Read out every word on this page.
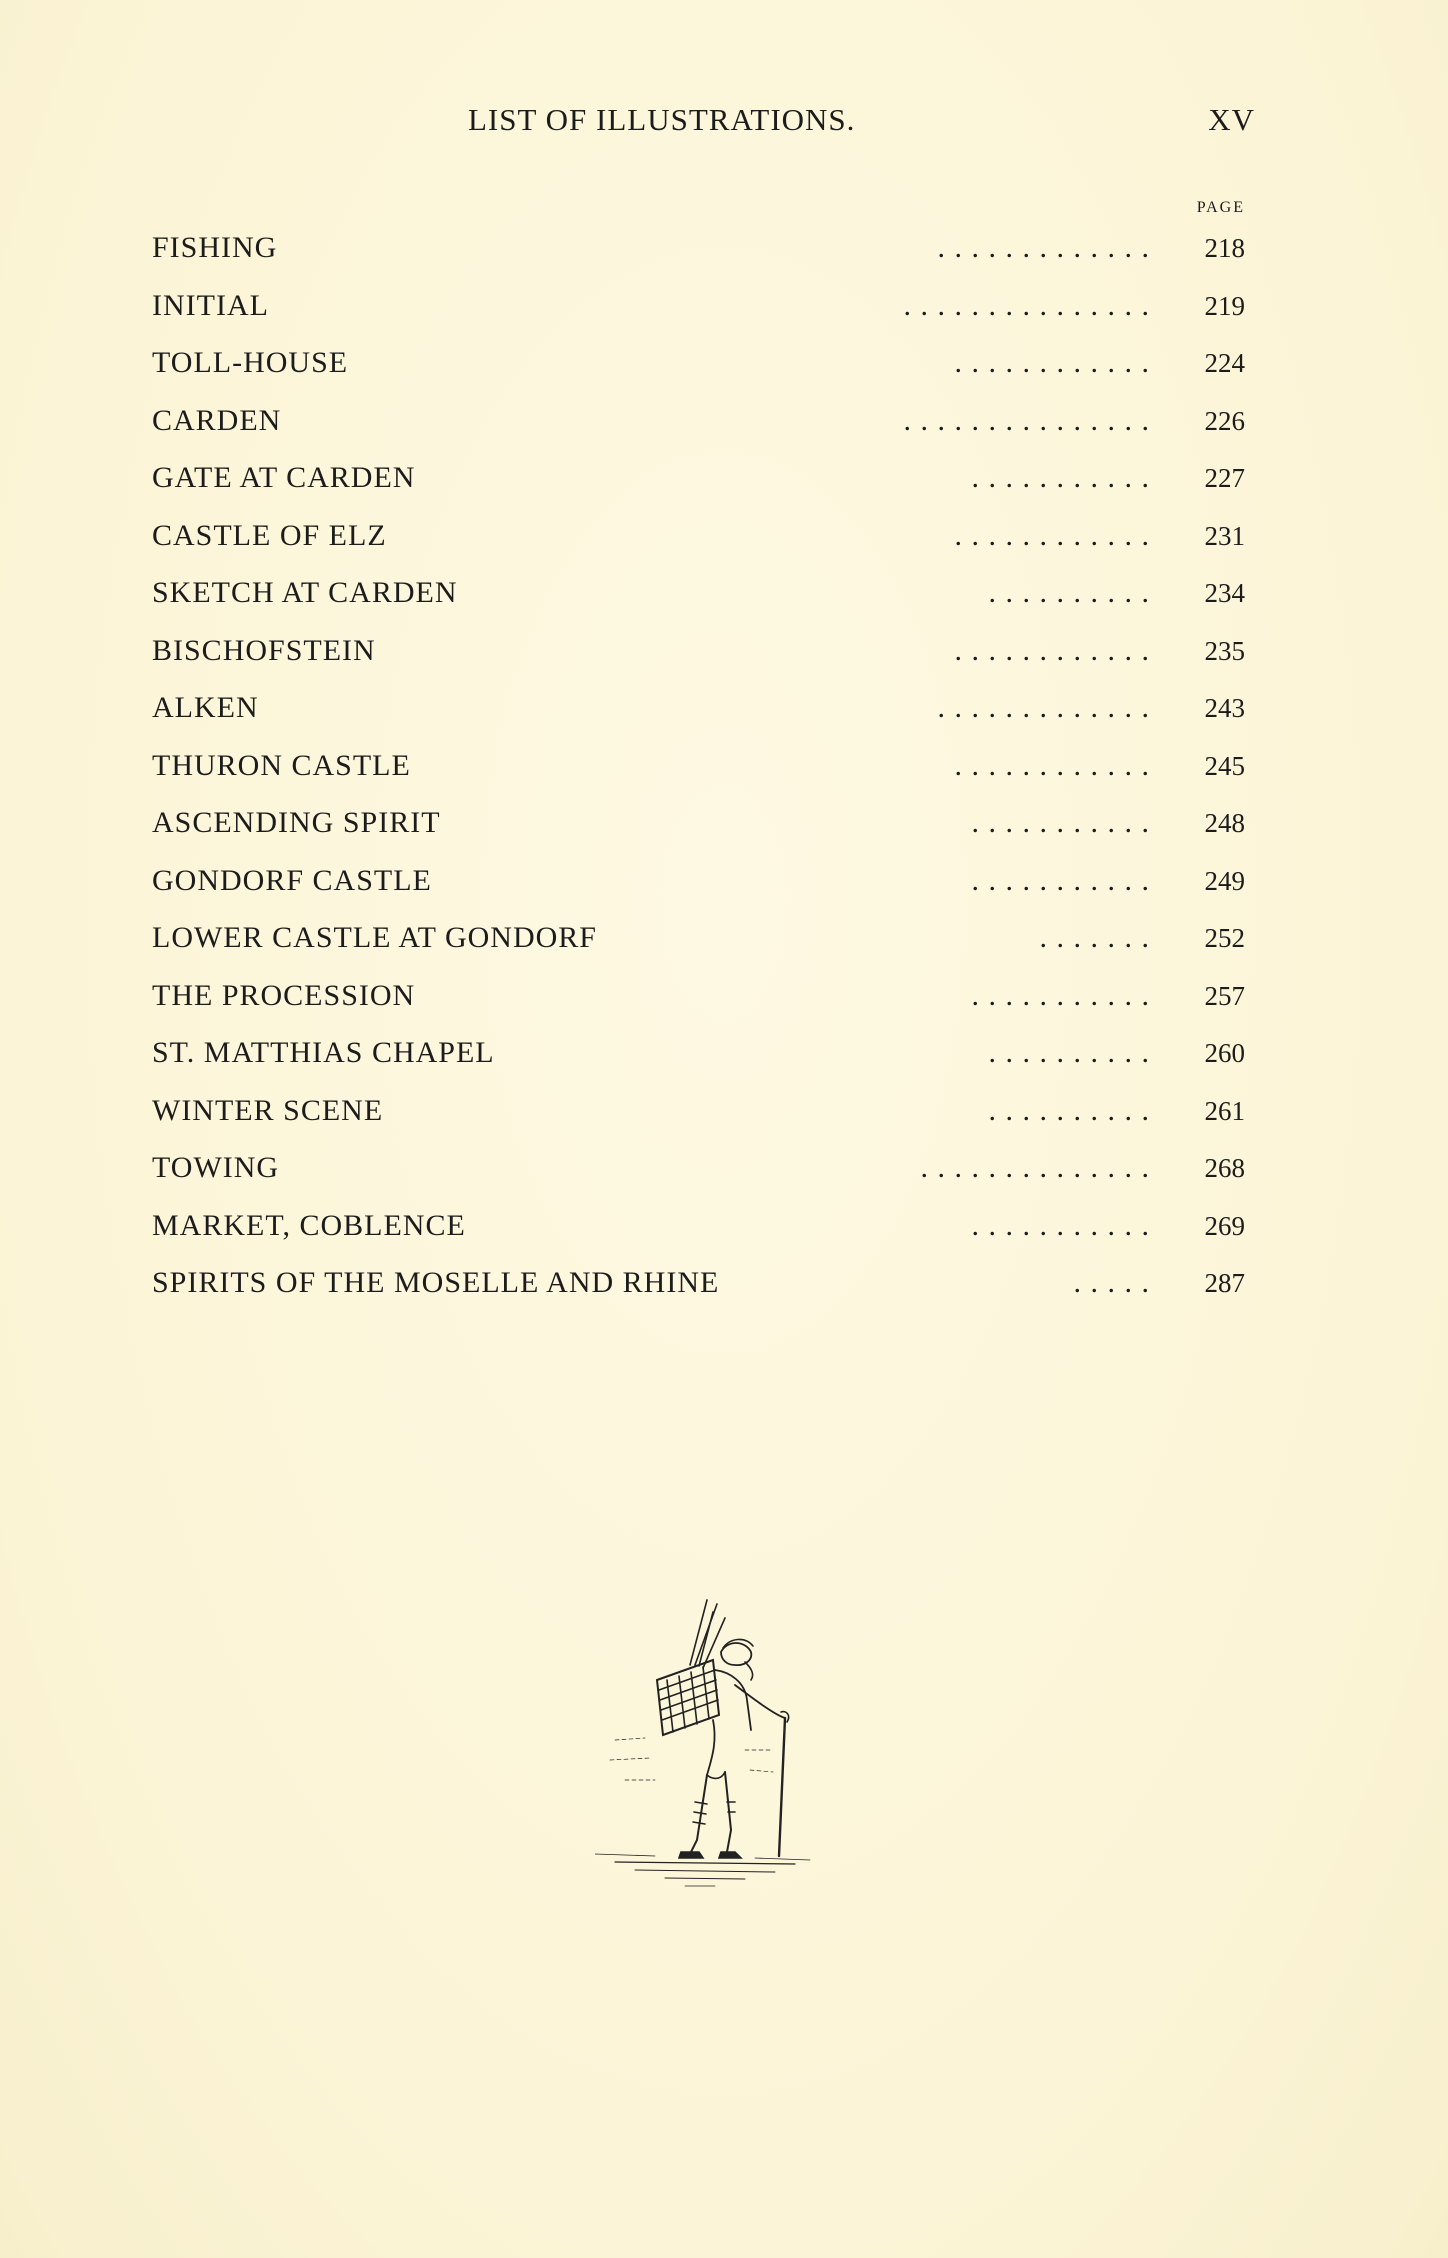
LIST OF ILLUSTRATIONS.	XV
PAGE
FISHING	. . . . . . . . . . . . .	218
INITIAL	. . . . . . . . . . . . . . .	219
TOLL-HOUSE	. . . . . . . . . . . .	224
CARDEN	. . . . . . . . . . . . . . .	226
GATE AT CARDEN	. . . . . . . . . . .	227
CASTLE OF ELZ	. . . . . . . . . . . .	231
SKETCH AT CARDEN	. . . . . . . . . .	234
BISCHOFSTEIN	. . . . . . . . . . . .	235
ALKEN	. . . . . . . . . . . . .	243
THURON CASTLE	. . . . . . . . . . . .	245
ASCENDING SPIRIT	. . . . . . . . . . .	248
GONDORF CASTLE	. . . . . . . . . . .	249
LOWER CASTLE AT GONDORF	. . . . . . .	252
THE PROCESSION	. . . . . . . . . . .	257
ST. MATTHIAS CHAPEL	. . . . . . . . . .	260
WINTER SCENE	. . . . . . . . . .	261
TOWING	. . . . . . . . . . . . . .	268
MARKET, COBLENCE	. . . . . . . . . . .	269
SPIRITS OF THE MOSELLE AND RHINE	. . . . .	287
